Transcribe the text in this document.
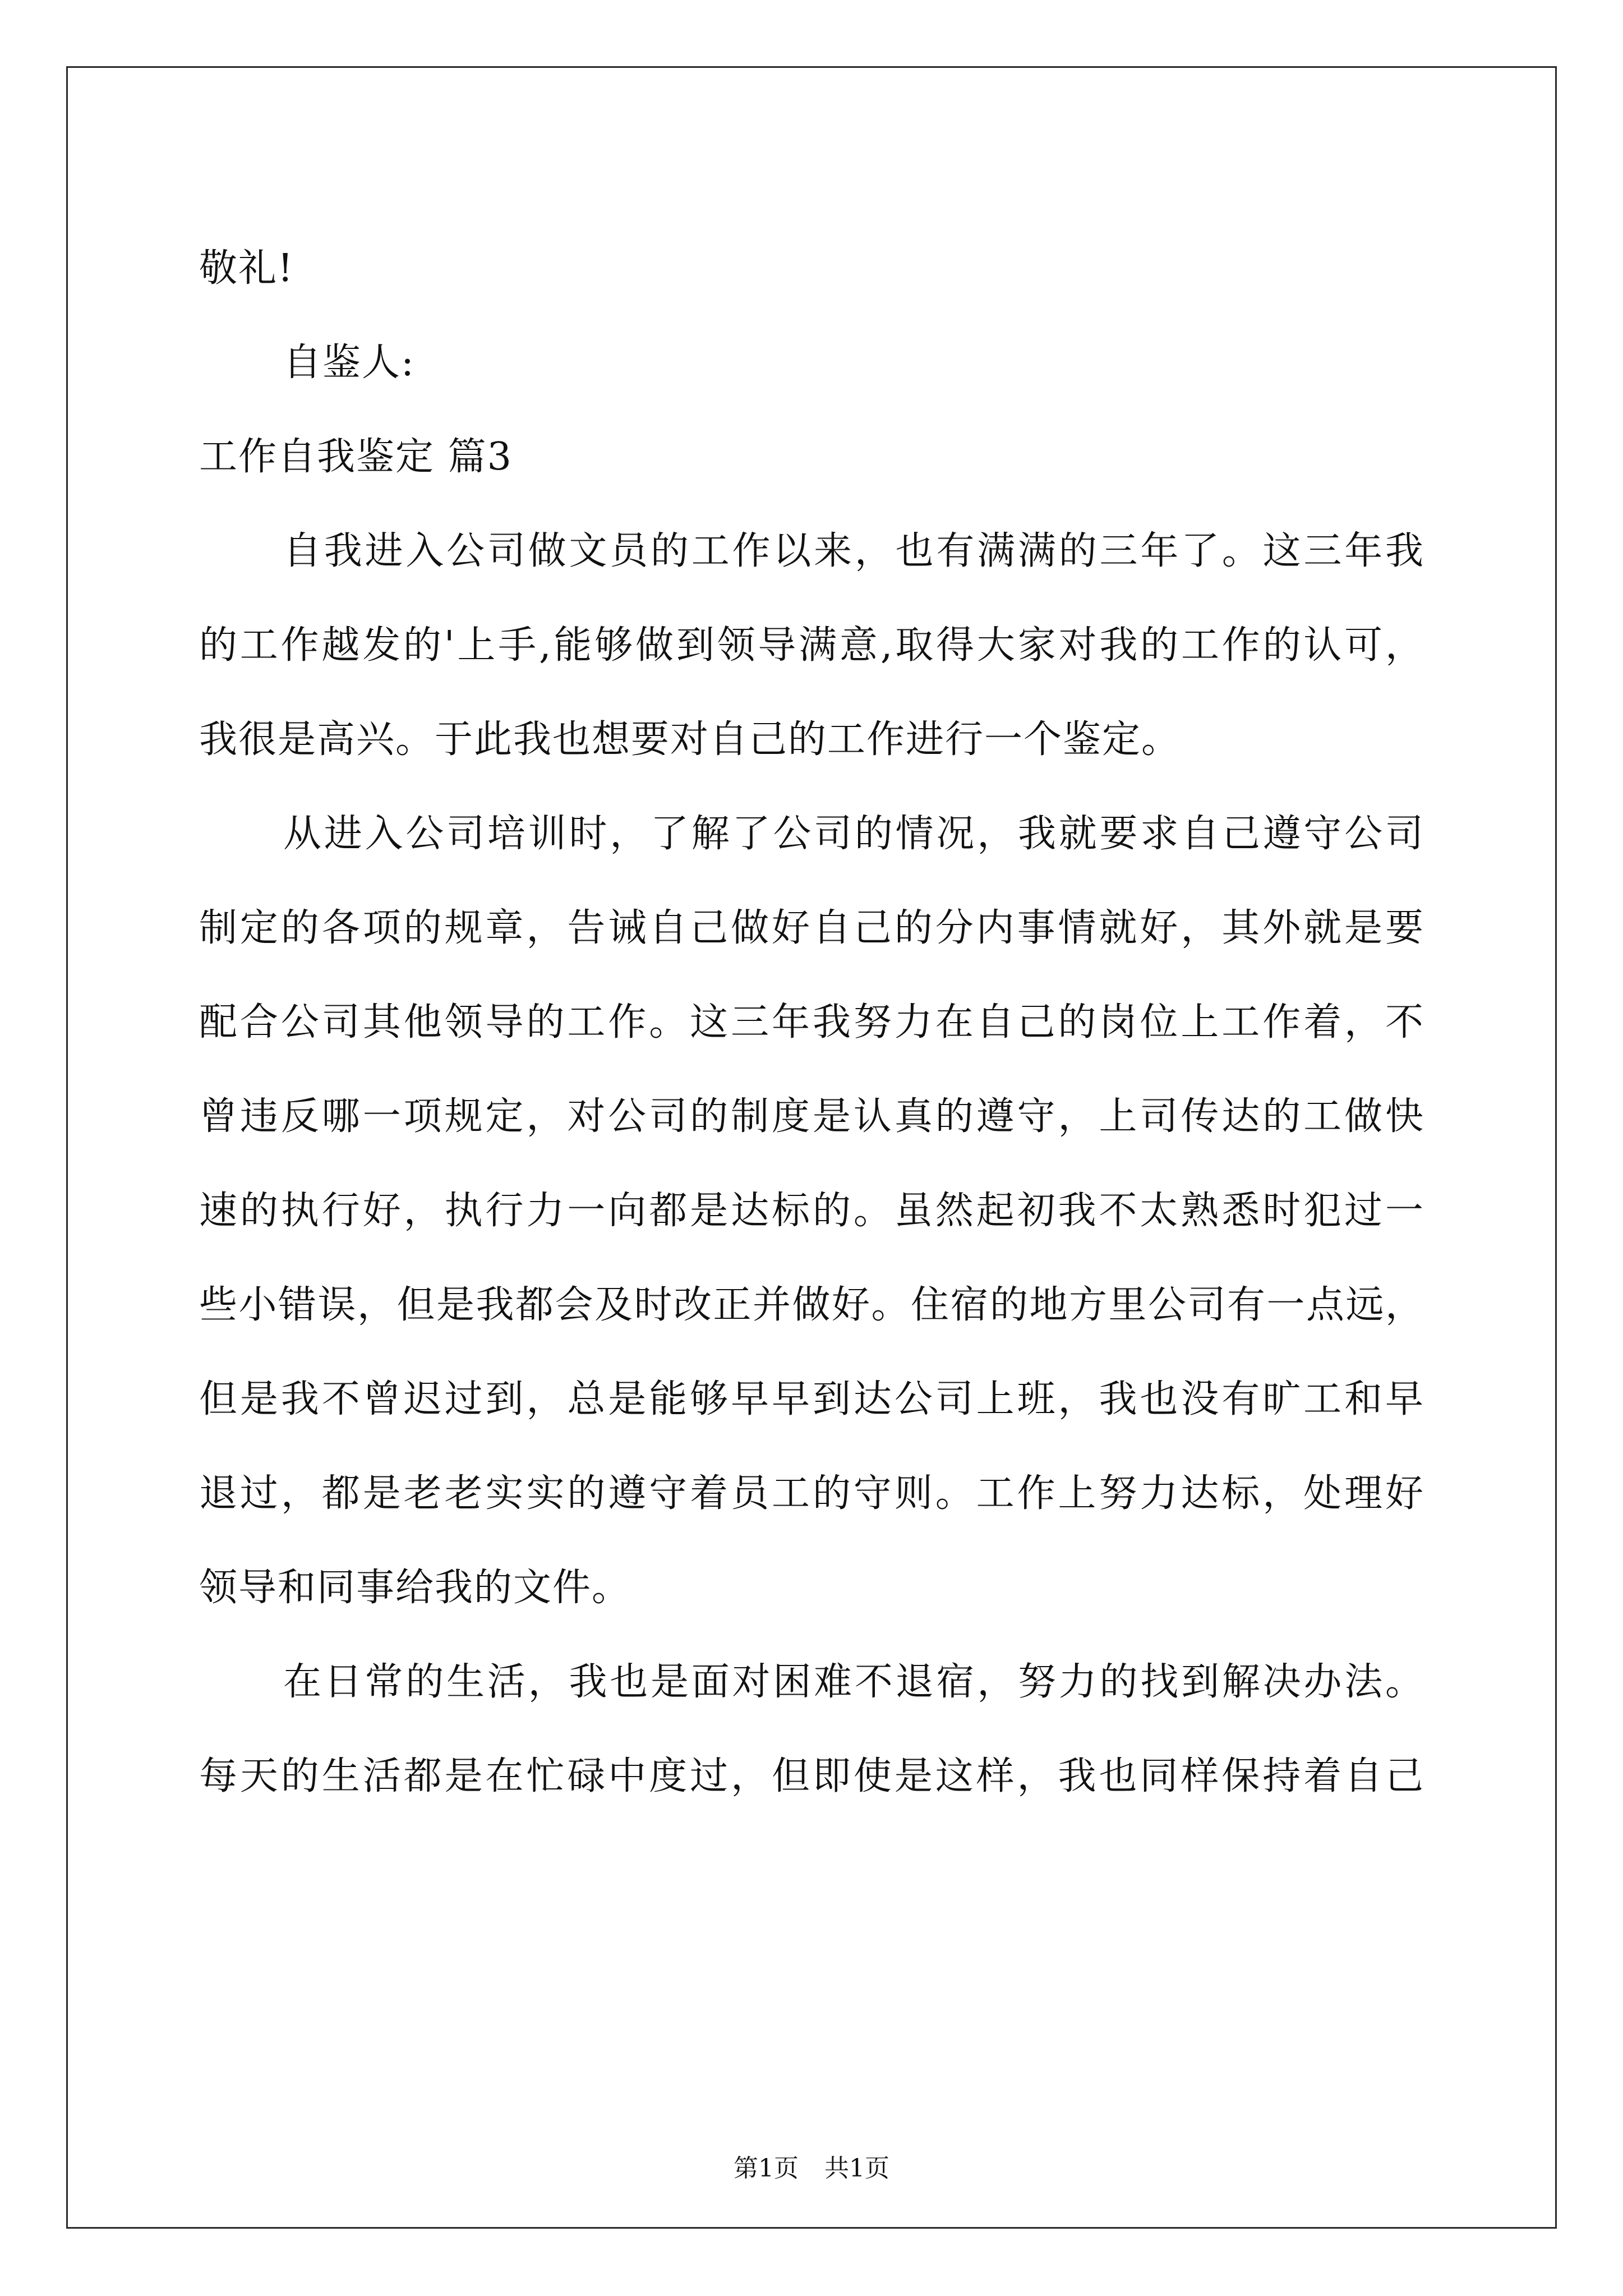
敬礼!
自鉴人:
工作自我鉴定 篇3
自我进入公司做文员的工作以来，也有满满的三年了。这三年我
的工作越发的'上手,能够做到领导满意,取得大家对我的工作的认可，
我很是高兴。于此我也想要对自己的工作进行一个鉴定。
从进入公司培训时，了解了公司的情况，我就要求自己遵守公司
制定的各项的规章，告诫自己做好自己的分内事情就好，其外就是要
配合公司其他领导的工作。这三年我努力在自己的岗位上工作着，不
曾违反哪一项规定，对公司的制度是认真的遵守，上司传达的工做快
速的执行好，执行力一向都是达标的。虽然起初我不太熟悉时犯过一
些小错误，但是我都会及时改正并做好。住宿的地方里公司有一点远，
但是我不曾迟过到，总是能够早早到达公司上班，我也没有旷工和早
退过，都是老老实实的遵守着员工的守则。工作上努力达标，处理好
领导和同事给我的文件。
在日常的生活，我也是面对困难不退宿，努力的找到解决办法。
每天的生活都是在忙碌中度过，但即使是这样，我也同样保持着自己
第1页 共1页
